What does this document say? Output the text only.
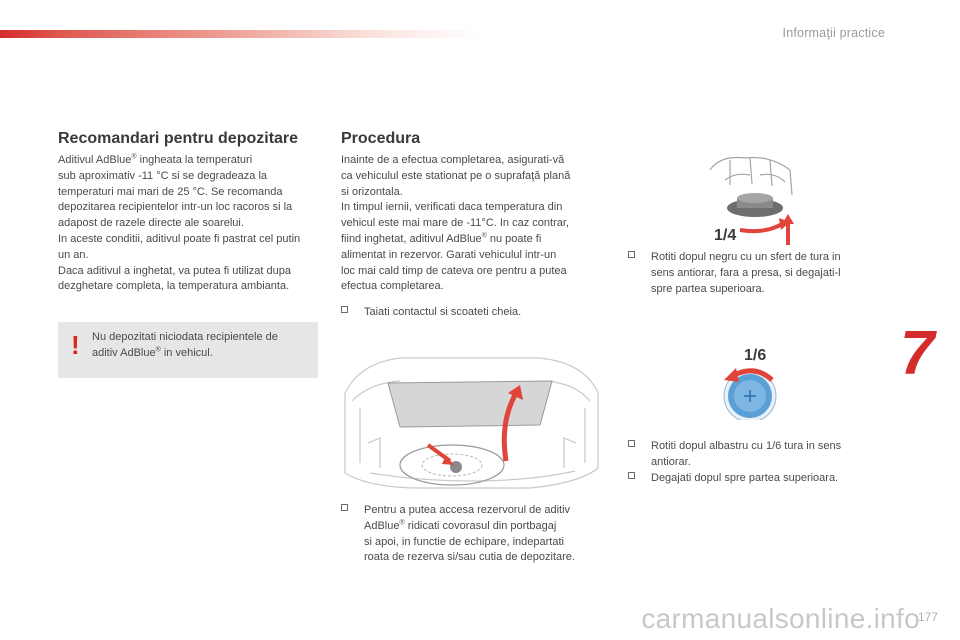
Informaţii practice
Recomandari pentru depozitare
Aditivul AdBlue® ingheata la temperaturi
sub aproximativ -11 °C si se degradeaza la
temperaturi mai mari de 25 °C. Se recomanda
depozitarea recipientelor intr-un loc racoros si la
adapost de razele directe ale soarelui.
In aceste conditii, aditivul poate fi pastrat cel putin
un an.
Daca aditivul a inghetat, va putea fi utilizat dupa
dezghetare completa, la temperatura ambianta.
! Nu depozitati niciodata recipientele de
aditiv AdBlue® in vehicul.
Procedura
Inainte de a efectua completarea, asigurati-vă
ca vehiculul este stationat pe o suprafaţă plană
si orizontala.
In timpul iernii, verificati daca temperatura din
vehicul este mai mare de -11°C. In caz contrar,
fiind inghetat, aditivul AdBlue® nu poate fi
alimentat in rezervor. Garati vehiculul intr-un
loc mai cald timp de cateva ore pentru a putea
efectua completarea.
Taiati contactul si scoateti cheia.
Pentru a putea accesa rezervorul de aditiv
AdBlue® ridicati covorasul din portbagaj
si apoi, in functie de echipare, indepartati
roata de rezerva si/sau cutia de depozitare.
1/4
Rotiti dopul negru cu un sfert de tura in
sens antiorar, fara a presa, si degajati-l
spre partea superioara.
1/6
Rotiti dopul albastru cu 1/6 tura in sens
antiorar.
Degajati dopul spre partea superioara.
7
carmanualsonline.info
177
